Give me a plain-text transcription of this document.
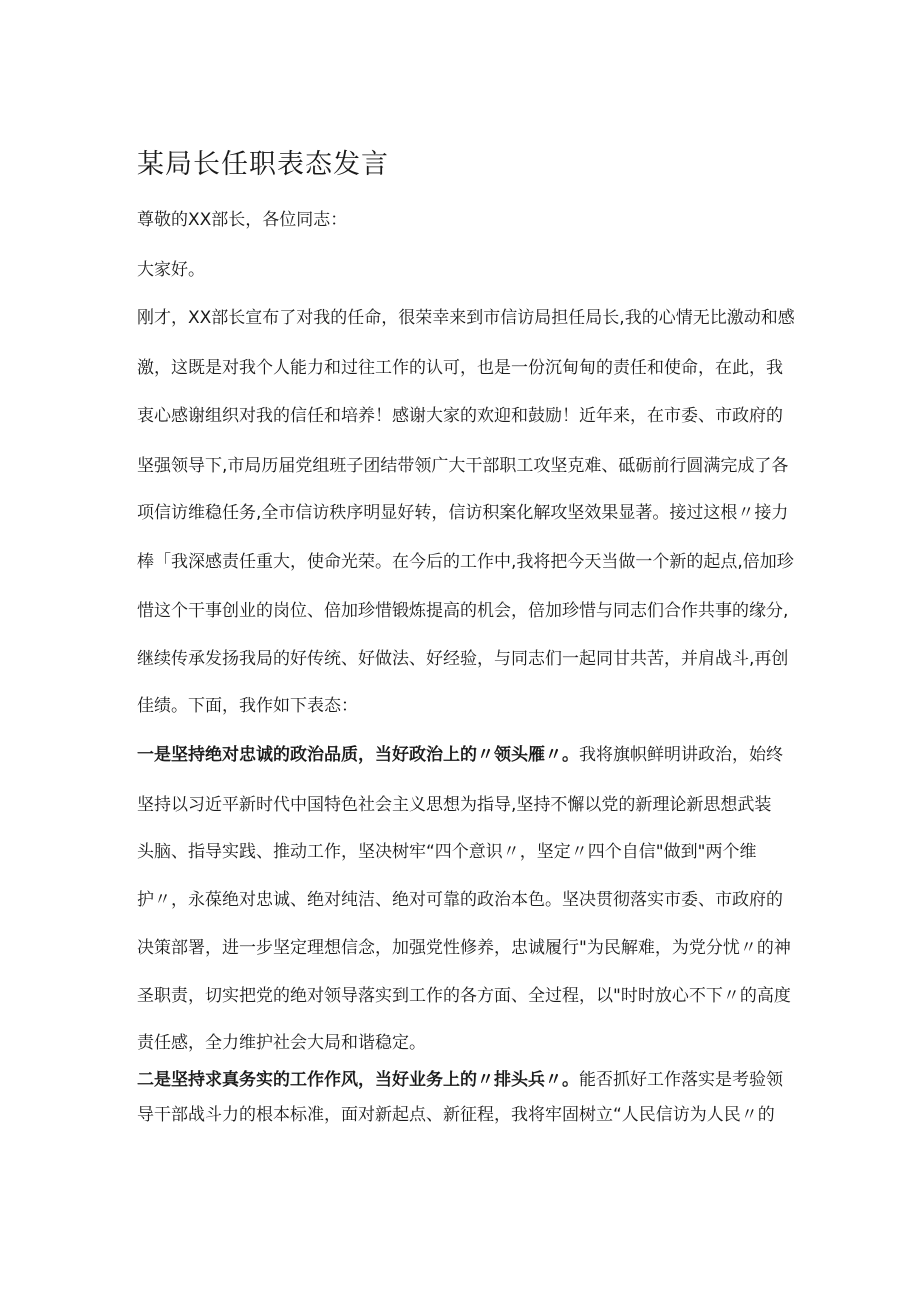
某局长任职表态发言
尊敬的XX部长，各位同志：
大家好。
刚才，XX部长宣布了对我的任命，很荣幸来到市信访局担任局长,我的心情无比激动和感
激，这既是对我个人能力和过往工作的认可，也是一份沉甸甸的责任和使命，在此，我
衷心感谢组织对我的信任和培养！感谢大家的欢迎和鼓励！近年来，在市委、市政府的
坚强领导下,市局历届党组班子团结带领广大干部职工攻坚克难、砥砺前行圆满完成了各
项信访维稳任务,全市信访秩序明显好转，信访积案化解攻坚效果显著。接过这根〃接力
棒「我深感责任重大，使命光荣。在今后的工作中,我将把今天当做一个新的起点,倍加珍
惜这个干事创业的岗位、倍加珍惜锻炼提高的机会，倍加珍惜与同志们合作共事的缘分,
继续传承发扬我局的好传统、好做法、好经验，与同志们一起同甘共苦，并肩战斗,再创
佳绩。下面，我作如下表态：
一是坚持绝对忠诚的政治品质，当好政治上的〃领头雁〃。我将旗帜鲜明讲政治，始终
坚持以习近平新时代中国特色社会主义思想为指导,坚持不懈以党的新理论新思想武装
头脑、指导实践、推动工作，坚决树牢“四个意识〃，坚定〃四个自信"做到"两个维
护〃，永葆绝对忠诚、绝对纯洁、绝对可靠的政治本色。坚决贯彻落实市委、市政府的
决策部署，进一步坚定理想信念，加强党性修养，忠诚履行"为民解难，为党分忧〃的神
圣职责，切实把党的绝对领导落实到工作的各方面、全过程，以"时时放心不下〃的高度
责任感，全力维护社会大局和谐稳定。
二是坚持求真务实的工作作风，当好业务上的〃排头兵〃。能否抓好工作落实是考验领
导干部战斗力的根本标准，面对新起点、新征程，我将牢固树立“人民信访为人民〃的
